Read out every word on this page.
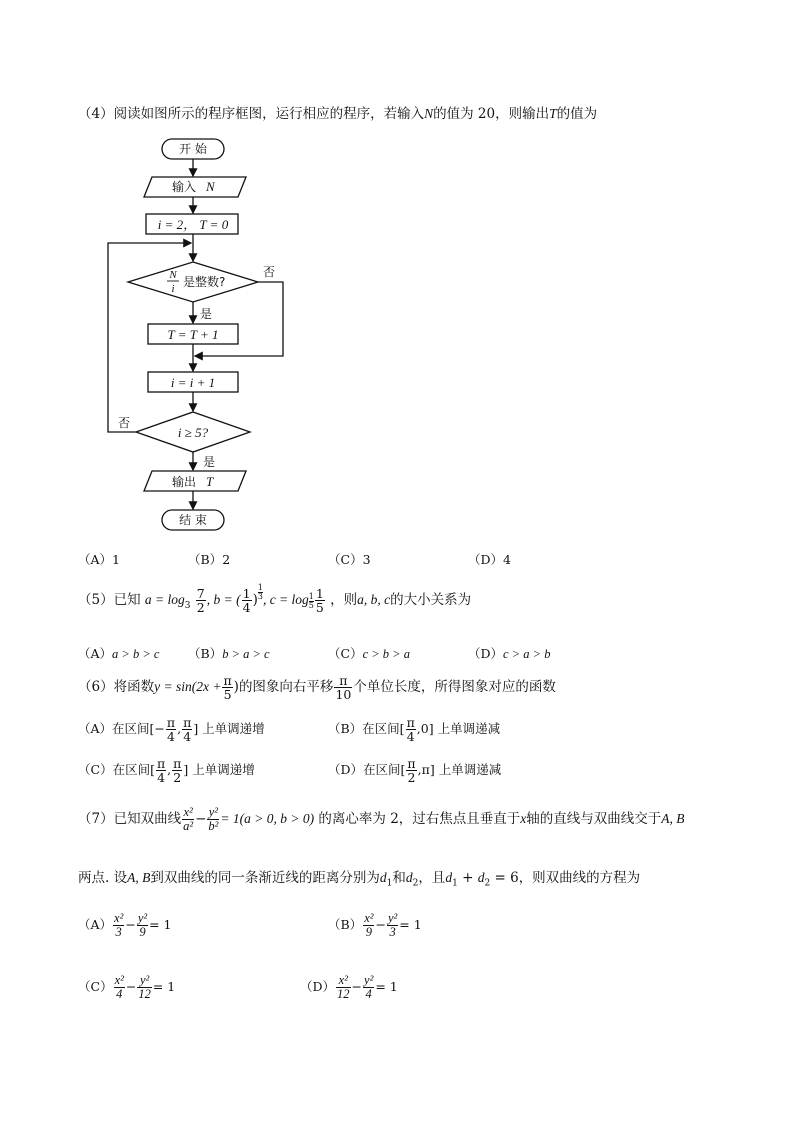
（4）阅读如图所示的程序框图，运行相应的程序，若输入N的值为 20，则输出T的值为
开 始
输入 N
i = 2， T = 0
N
i 是整数?
否
是
T = T + 1
i = i + 1
i ≥ 5?
否
是
输出 T
结 束
（A）1	（B）2	（C）3	（D）4
（5）已知 $a = \log_3 \frac{7}{2}$ , b = ( $\frac{1}{4}$ ) $\frac{1}{3}$ , $c = \log \frac{1}{5} \frac{1}{5}$ ，则a, b, c的大小关系为
（A）a > b > c （B）b > a > c	（C）c > b > a	（D）c > a > b
（6）将函数$y = \sin(2x + \frac{\pi}{5}$ )的图象向右平移 $\frac{\pi}{10}$ 个单位长度，所得图象对应的函数
（A）在区间[− $\frac{\pi}{4}$ , $\frac{\pi}{4}$ ] 上单调递增	（B）在区间[ $\frac{\pi}{4} ,0$] 上单调递减
（C）在区间[ $\frac{\pi}{4}$ , $\frac{\pi}{2}$ ] 上单调递增	（D）在区间[ $\frac{\pi}{2} ,\pi$] 上单调递减
（7）已知双曲线 $\frac{\text{x²}}{\text{a²}} - \frac{\text{y²}}{\text{b²}} = 1(a > 0$, b > 0) 的离心率为 2，过右焦点且垂直于x轴的直线与双曲线交于A, B
两点. 设A, B到双曲线的同一条渐近线的距离分别为$d_1$和$d_2$，且$d_1 + d_2 = 6$，则双曲线的方程为
$(A) \frac{\text{x²}}{3} - \frac{\text{y²}}{9} = 1$	$(B) \frac{\text{x²}}{9} - \frac{\text{y²}}{3} = 1$
$(C) \frac{\text{x²}}{4} - \frac{\text{y²}}{12} = 1$	$(D) \frac{\text{x²}}{12} - \frac{\text{y²}}{4} = 1$
